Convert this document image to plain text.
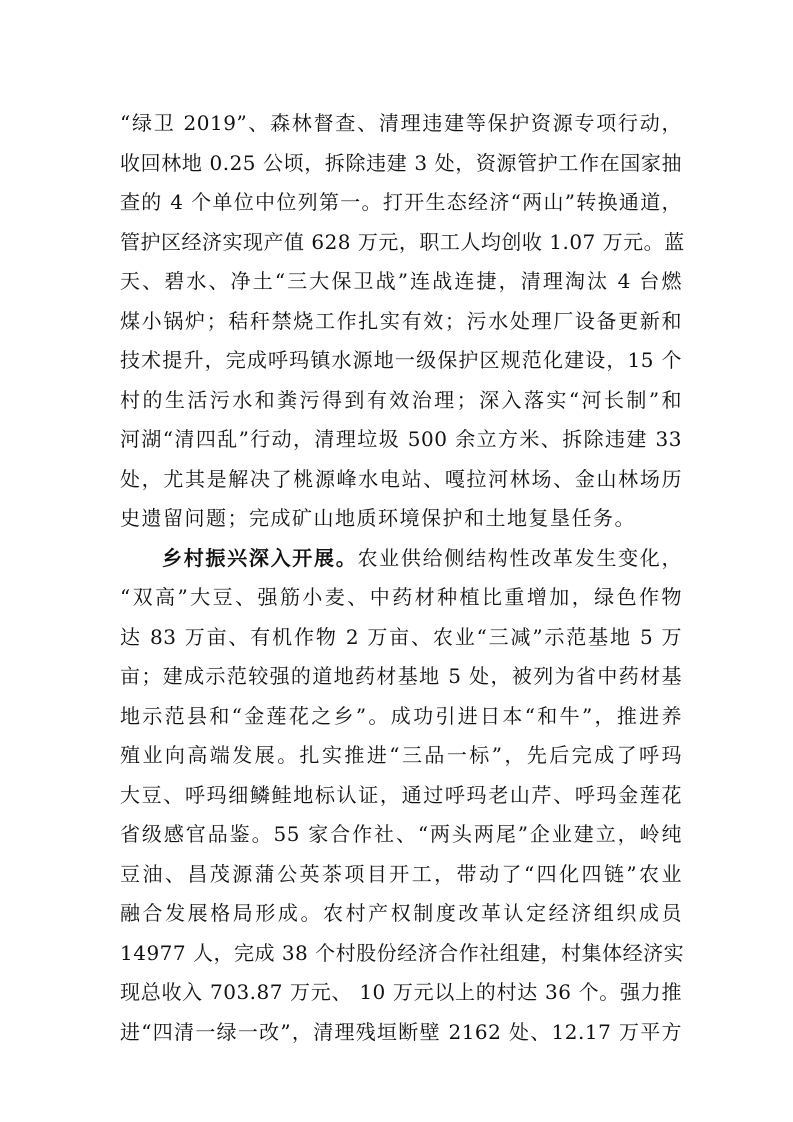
“绿卫 2019”、森林督查、清理违建等保护资源专项行动，
收回林地 0.25 公顷，拆除违建 3 处，资源管护工作在国家抽
查的 4 个单位中位列第一。打开生态经济“两山”转换通道，
管护区经济实现产值 628 万元，职工人均创收 1.07 万元。蓝
天、碧水、净土“三大保卫战”连战连捷，清理淘汰 4 台燃
煤小锅炉；秸秆禁烧工作扎实有效；污水处理厂设备更新和
技术提升，完成呼玛镇水源地一级保护区规范化建设，15 个
村的生活污水和粪污得到有效治理；深入落实“河长制”和
河湖“清四乱”行动，清理垃圾 500 余立方米、拆除违建 33
处，尤其是解决了桃源峰水电站、嘎拉河林场、金山林场历
史遗留问题；完成矿山地质环境保护和土地复垦任务。
乡村振兴深入开展。农业供给侧结构性改革发生变化，
“双高”大豆、强筋小麦、中药材种植比重增加，绿色作物
达 83 万亩、有机作物 2 万亩、农业“三减”示范基地 5 万
亩；建成示范较强的道地药材基地 5 处，被列为省中药材基
地示范县和“金莲花之乡”。成功引进日本“和牛”，推进养
殖业向高端发展。扎实推进“三品一标”，先后完成了呼玛
大豆、呼玛细鳞鲑地标认证，通过呼玛老山芹、呼玛金莲花
省级感官品鉴。55 家合作社、“两头两尾”企业建立，岭纯
豆油、昌茂源蒲公英茶项目开工，带动了“四化四链”农业
融合发展格局形成。农村产权制度改革认定经济组织成员
14977 人，完成 38 个村股份经济合作社组建，村集体经济实
现总收入 703.87 万元、 10 万元以上的村达 36 个。强力推
进“四清一绿一改”，清理残垣断壁 2162 处、12.17 万平方
